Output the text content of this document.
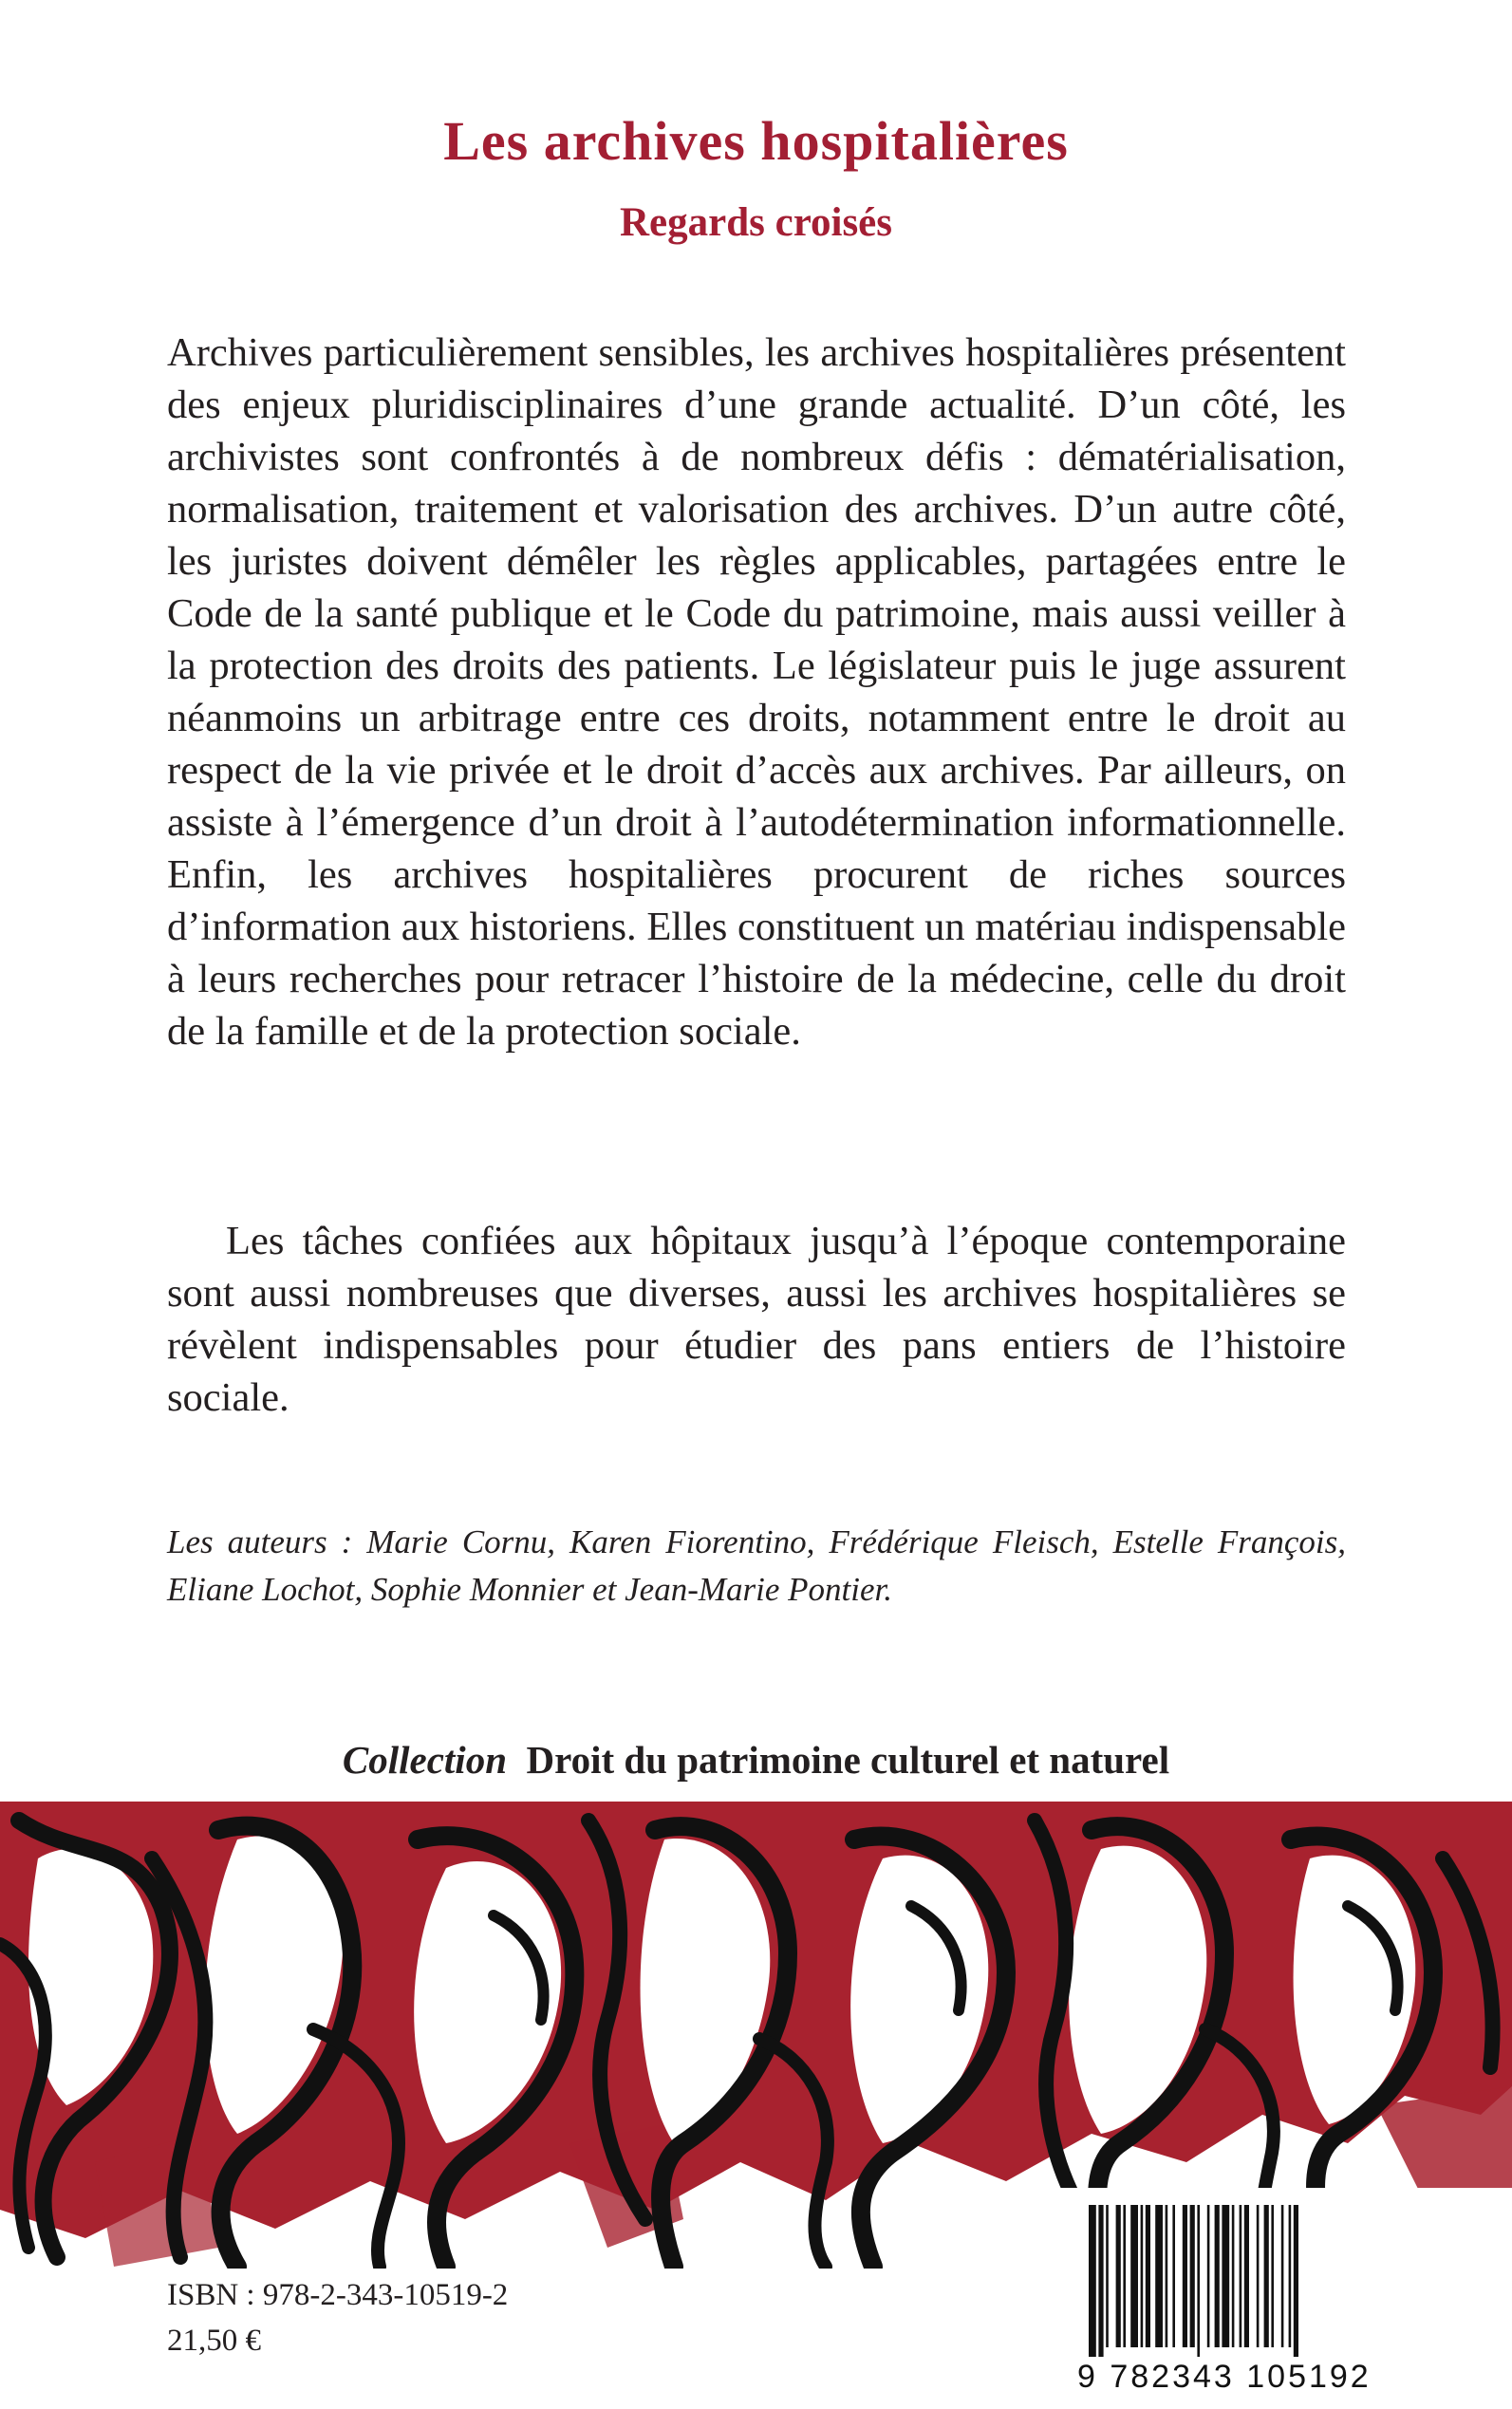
Les archives hospitalières
Regards croisés

Archives particulièrement sensibles, les archives hospitalières présentent des enjeux pluridisciplinaires d’une grande actualité. D’un côté, les archivistes sont confrontés à de nombreux défis : dématérialisation, normalisation, traitement et valorisation des archives. D’un autre côté, les juristes doivent démêler les règles applicables, partagées entre le Code de la santé publique et le Code du patrimoine, mais aussi veiller à la protection des droits des patients. Le législateur puis le juge assurent néanmoins un arbitrage entre ces droits, notamment entre le droit au respect de la vie privée et le droit d’accès aux archives. Par ailleurs, on assiste à l’émergence d’un droit à l’autodétermination informationnelle. Enfin, les archives hospitalières procurent de riches sources d’information aux historiens. Elles constituent un matériau indispensable à leurs recherches pour retracer l’histoire de la médecine, celle du droit de la famille et de la protection sociale.

Les tâches confiées aux hôpitaux jusqu’à l’époque contemporaine sont aussi nombreuses que diverses, aussi les archives hospitalières se révèlent indispensables pour étudier des pans entiers de l’histoire sociale.

Les auteurs : Marie Cornu, Karen Fiorentino, Frédérique Fleisch, Estelle François, Eliane Lochot, Sophie Monnier et Jean-Marie Pontier.

Collection Droit du patrimoine culturel et naturel

9 782343 105192

ISBN : 978-2-343-10519-2

21,50 €
